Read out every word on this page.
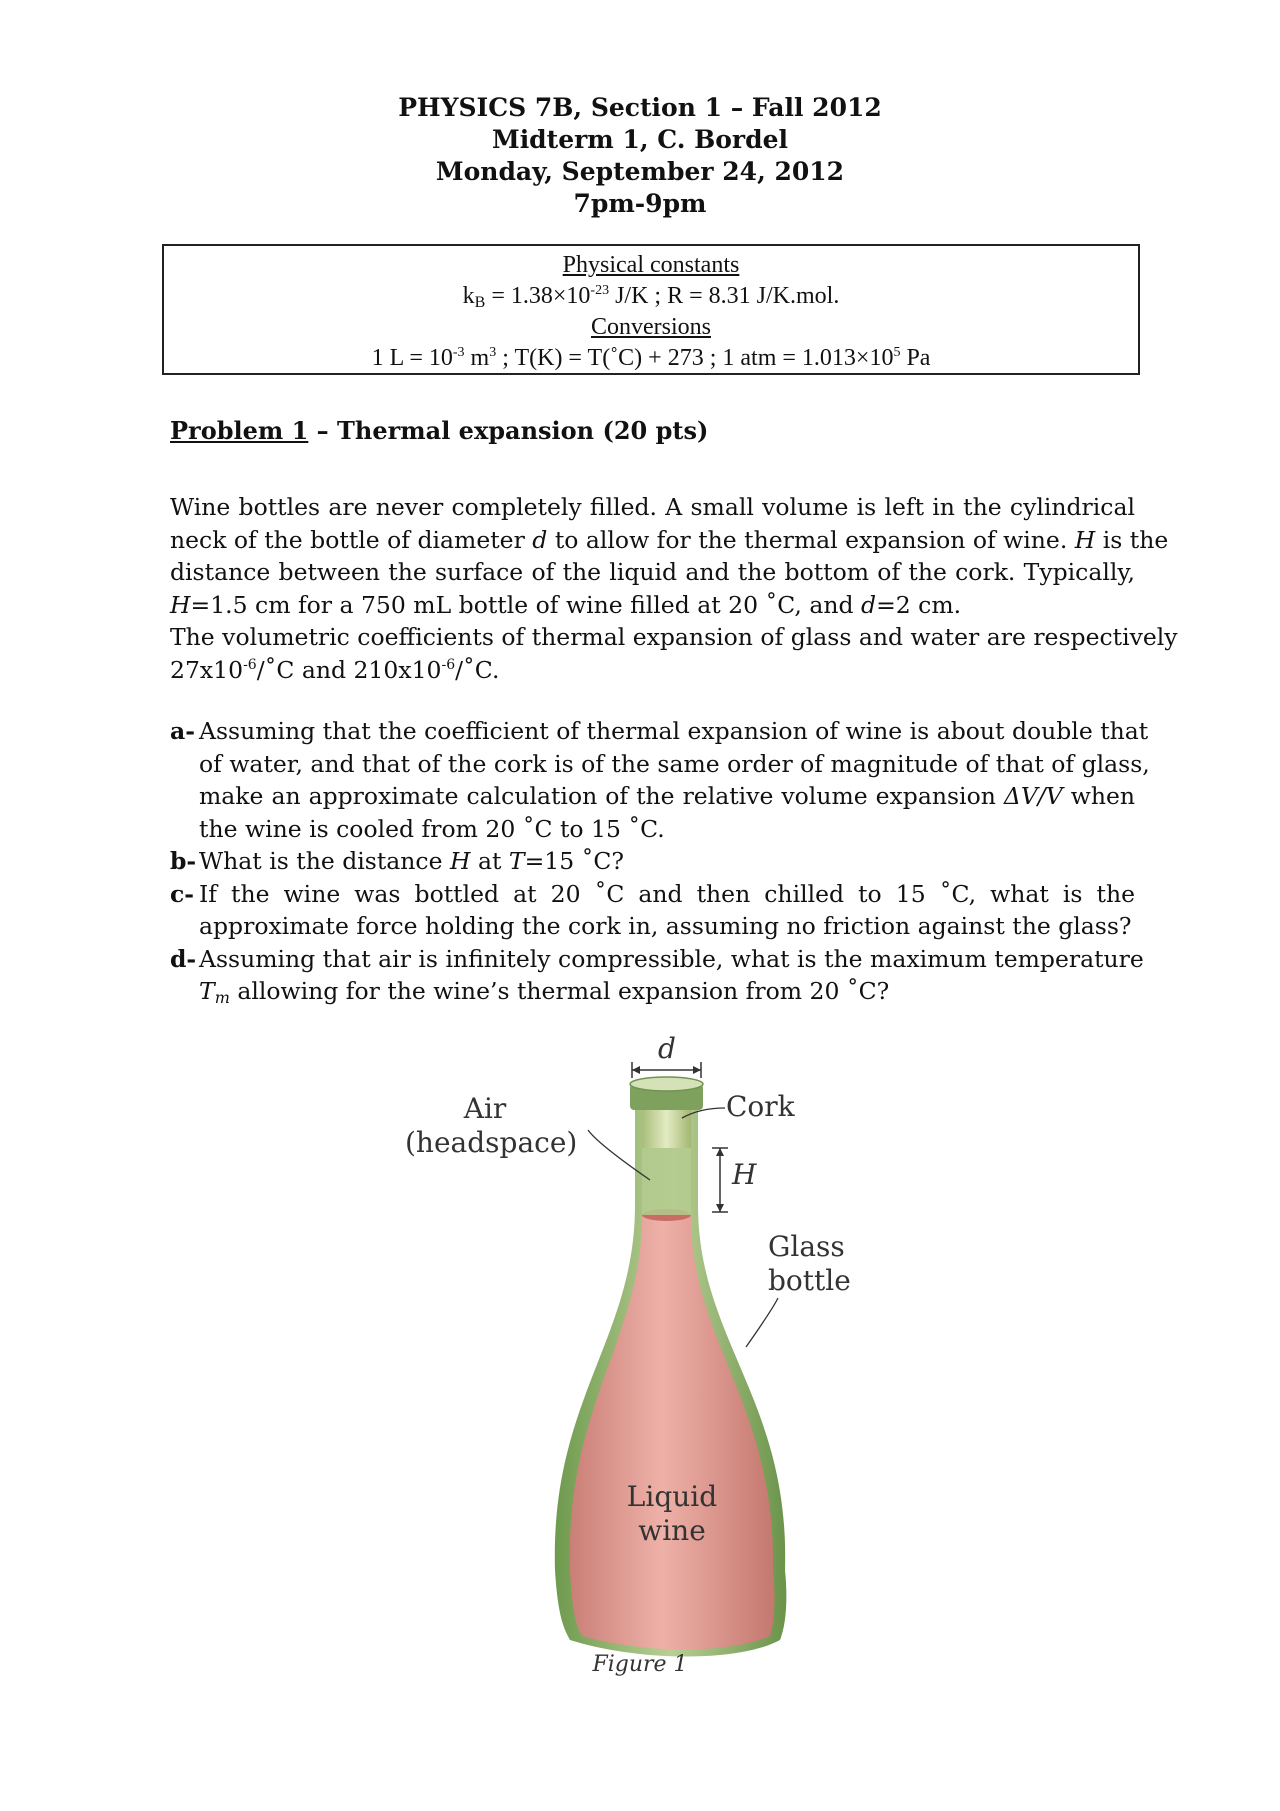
PHYSICS 7B, Section 1 – Fall 2012
Midterm 1, C. Bordel
Monday, September 24, 2012
7pm-9pm
Physical constants
$k_B = 1.38\times 10^{-23}$ J/K ; R = 8.31 J/K.mol.
Conversions
1 $L = 10^{-3}$ $m^3$ ; T(K) = T(˚C) + 273 ; 1 atm = $1.013\times 10^5$ Pa
Problem 1 – Thermal expansion (20 pts)
Wine bottles are never completely filled. A small volume is left in the cylindrical
neck of the bottle of diameter d to allow for the thermal expansion of wine. H is the
distance between the surface of the liquid and the bottom of the cork. Typically,
H=1.5 cm for a 750 mL bottle of wine filled at 20 ˚C, and d=2 cm.
The volumetric coefficients of thermal expansion of glass and water are respectively
$27x10^{-6}/˚C$ and $210x10^{-6}/˚C$.
a- Assuming that the coefficient of thermal expansion of wine is about double that
of water, and that of the cork is of the same order of magnitude of that of glass,
make an approximate calculation of the relative volume expansion ΔV/V when
the wine is cooled from 20 ˚C to 15 ˚C.
b- What is the distance H at T=15 ˚C?
c- If the wine was bottled at 20 ˚C and then chilled to 15 ˚C, what is the
approximate force holding the cork in, assuming no friction against the glass?
d- Assuming that air is infinitely compressible, what is the maximum temperature
$T_m$ allowing for the wine’s thermal expansion from 20 ˚C?
d
Cork
Air
(headspace)
H
Glass
bottle
Liquid
wine
Figure 1
